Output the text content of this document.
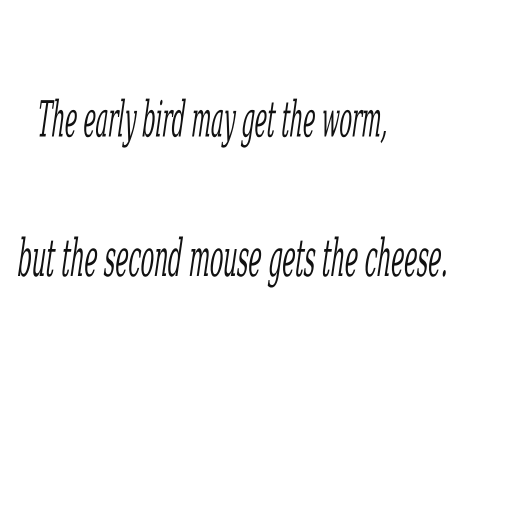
The early bird may get the worm,
but the second mouse gets the cheese.
